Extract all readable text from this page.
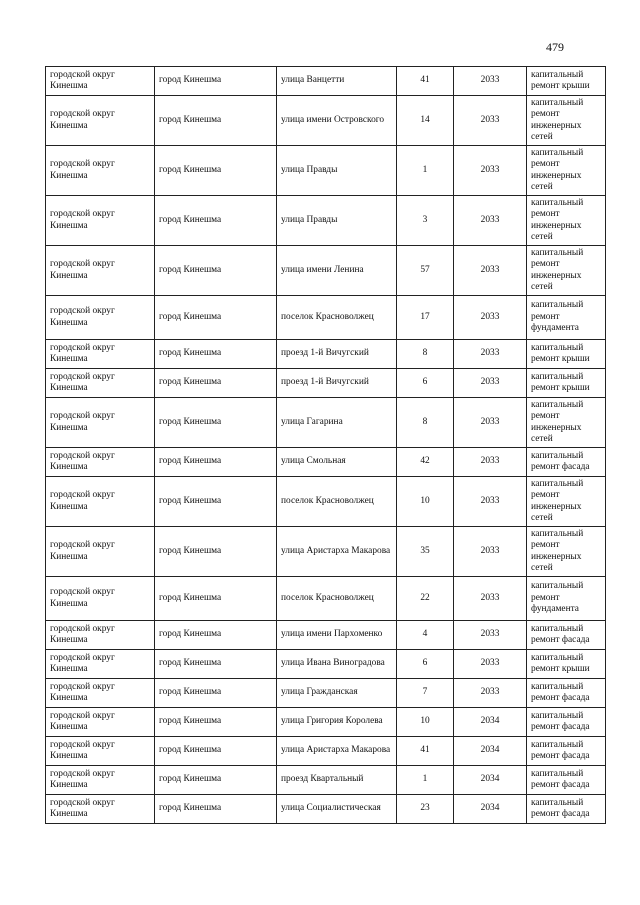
479
городской округ Кинешма	город Кинешма	улица Ванцетти	41	2033	капитальный ремонт крыши
городской округ Кинешма	город Кинешма	улица имени Островского	14	2033	капитальный ремонт инженерных сетей
городской округ Кинешма	город Кинешма	улица Правды	1	2033	капитальный ремонт инженерных сетей
городской округ Кинешма	город Кинешма	улица Правды	3	2033	капитальный ремонт инженерных сетей
городской округ Кинешма	город Кинешма	улица имени Ленина	57	2033	капитальный ремонт инженерных сетей
городской округ Кинешма	город Кинешма	поселок Красноволжец	17	2033	капитальный ремонт фундамента
городской округ Кинешма	город Кинешма	проезд 1-й Вичугский	8	2033	капитальный ремонт крыши
городской округ Кинешма	город Кинешма	проезд 1-й Вичугский	6	2033	капитальный ремонт крыши
городской округ Кинешма	город Кинешма	улица Гагарина	8	2033	капитальный ремонт инженерных сетей
городской округ Кинешма	город Кинешма	улица Смольная	42	2033	капитальный ремонт фасада
городской округ Кинешма	город Кинешма	поселок Красноволжец	10	2033	капитальный ремонт инженерных сетей
городской округ Кинешма	город Кинешма	улица Аристарха Макарова	35	2033	капитальный ремонт инженерных сетей
городской округ Кинешма	город Кинешма	поселок Красноволжец	22	2033	капитальный ремонт фундамента
городской округ Кинешма	город Кинешма	улица имени Пархоменко	4	2033	капитальный ремонт фасада
городской округ Кинешма	город Кинешма	улица Ивана Виноградова	6	2033	капитальный ремонт крыши
городской округ Кинешма	город Кинешма	улица Гражданская	7	2033	капитальный ремонт фасада
городской округ Кинешма	город Кинешма	улица Григория Королева	10	2034	капитальный ремонт фасада
городской округ Кинешма	город Кинешма	улица Аристарха Макарова	41	2034	капитальный ремонт фасада
городской округ Кинешма	город Кинешма	проезд Квартальный	1	2034	капитальный ремонт фасада
городской округ Кинешма	город Кинешма	улица Социалистическая	23	2034	капитальный ремонт фасада
